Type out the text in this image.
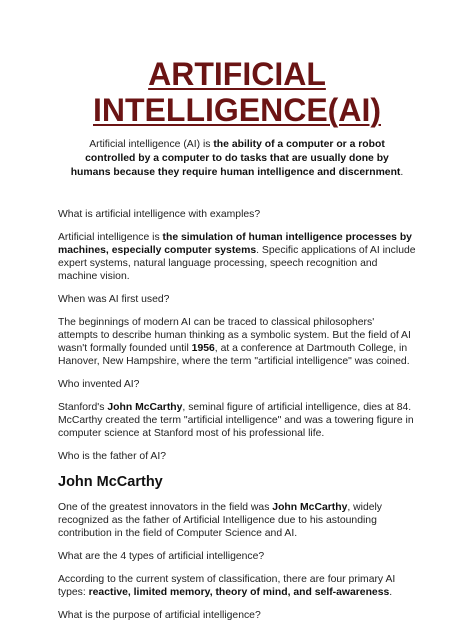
ARTIFICIAL
INTELLIGENCE(AI)

Artificial intelligence (AI) is the ability of a computer or a robot controlled by a computer to do tasks that are usually done by humans because they require human intelligence and discernment.

What is artificial intelligence with examples?

Artificial intelligence is the simulation of human intelligence processes by machines, especially computer systems. Specific applications of AI include expert systems, natural language processing, speech recognition and machine vision.

When was AI first used?

The beginnings of modern AI can be traced to classical philosophers' attempts to describe human thinking as a symbolic system. But the field of AI wasn't formally founded until 1956, at a conference at Dartmouth College, in Hanover, New Hampshire, where the term "artificial intelligence" was coined.

Who invented AI?

Stanford's John McCarthy, seminal figure of artificial intelligence, dies at 84. McCarthy created the term "artificial intelligence" and was a towering figure in computer science at Stanford most of his professional life.

Who is the father of AI?

John McCarthy

One of the greatest innovators in the field was John McCarthy, widely recognized as the father of Artificial Intelligence due to his astounding contribution in the field of Computer Science and AI.

What are the 4 types of artificial intelligence?

According to the current system of classification, there are four primary AI types: reactive, limited memory, theory of mind, and self-awareness.

What is the purpose of artificial intelligence?
